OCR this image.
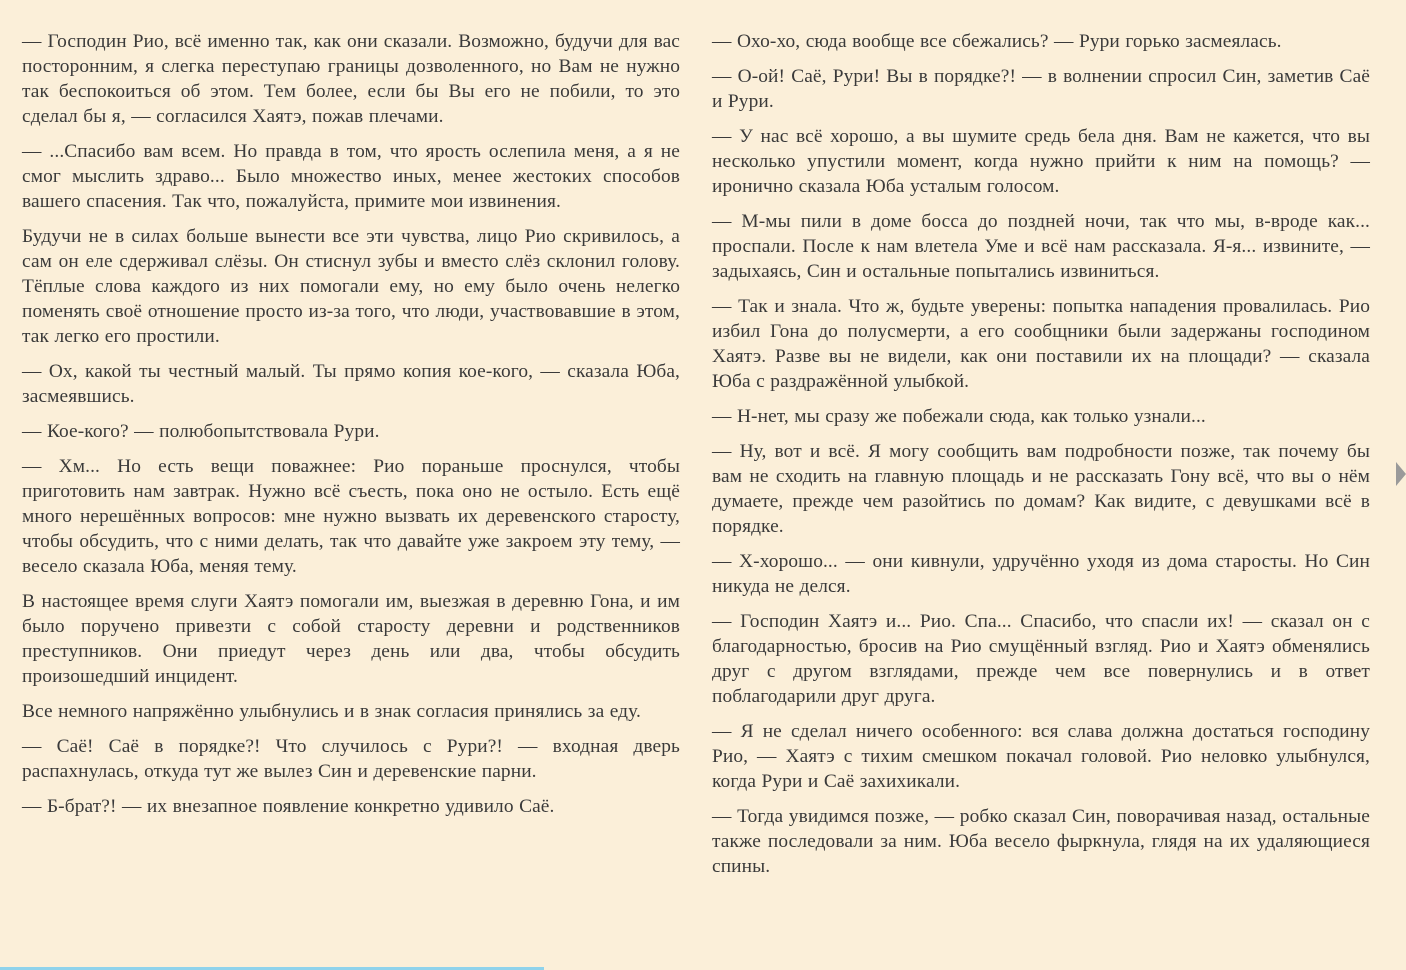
— Господин Рио, всё именно так, как они сказали. Возможно, будучи для вас посторонним, я слегка переступаю границы дозволенного, но Вам не нужно так беспокоиться об этом. Тем более, если бы Вы его не побили, то это сделал бы я, — согласился Хаятэ, пожав плечами.

— ...Спасибо вам всем. Но правда в том, что ярость ослепила меня, а я не смог мыслить здраво... Было множество иных, менее жестоких способов вашего спасения. Так что, пожалуйста, примите мои извинения.

Будучи не в силах больше вынести все эти чувства, лицо Рио скривилось, а сам он еле сдерживал слёзы. Он стиснул зубы и вместо слёз склонил голову. Тёплые слова каждого из них помогали ему, но ему было очень нелегко поменять своё отношение просто из-за того, что люди, участвовавшие в этом, так легко его простили.

— Ох, какой ты честный малый. Ты прямо копия кое-кого, — сказала Юба, засмеявшись.

— Кое-кого? — полюбопытствовала Рури.

— Хм... Но есть вещи поважнее: Рио пораньше проснулся, чтобы приготовить нам завтрак. Нужно всё съесть, пока оно не остыло. Есть ещё много нерешённых вопросов: мне нужно вызвать их деревенского старосту, чтобы обсудить, что с ними делать, так что давайте уже закроем эту тему, — весело сказала Юба, меняя тему.

В настоящее время слуги Хаятэ помогали им, выезжая в деревню Гона, и им было поручено привезти с собой старосту деревни и родственников преступников. Они приедут через день или два, чтобы обсудить произошедший инцидент.

Все немного напряжённо улыбнулись и в знак согласия принялись за еду.

— Саё! Саё в порядке?! Что случилось с Рури?! — входная дверь распахнулась, откуда тут же вылез Син и деревенские парни.

— Б-брат?! — их внезапное появление конкретно удивило Саё.

— Охо-хо, сюда вообще все сбежались? — Рури горько засмеялась.

— О-ой! Саё, Рури! Вы в порядке?! — в волнении спросил Син, заметив Саё и Рури.

— У нас всё хорошо, а вы шумите средь бела дня. Вам не кажется, что вы несколько упустили момент, когда нужно прийти к ним на помощь? — иронично сказала Юба усталым голосом.

— М-мы пили в доме босса до поздней ночи, так что мы, в-вроде как... проспали. После к нам влетела Уме и всё нам рассказала. Я-я... извините, — задыхаясь, Син и остальные попытались извиниться.

— Так и знала. Что ж, будьте уверены: попытка нападения провалилась. Рио избил Гона до полусмерти, а его сообщники были задержаны господином Хаятэ. Разве вы не видели, как они поставили их на площади? — сказала Юба с раздражённой улыбкой.

— Н-нет, мы сразу же побежали сюда, как только узнали...

— Ну, вот и всё. Я могу сообщить вам подробности позже, так почему бы вам не сходить на главную площадь и не рассказать Гону всё, что вы о нём думаете, прежде чем разойтись по домам? Как видите, с девушками всё в порядке.

— Х-хорошо... — они кивнули, удручённо уходя из дома старосты. Но Син никуда не делся.

— Господин Хаятэ и... Рио. Спа... Спасибо, что спасли их! — сказал он с благодарностью, бросив на Рио смущённый взгляд. Рио и Хаятэ обменялись друг с другом взглядами, прежде чем все повернулись и в ответ поблагодарили друг друга.

— Я не сделал ничего особенного: вся слава должна достаться господину Рио, — Хаятэ с тихим смешком покачал головой. Рио неловко улыбнулся, когда Рури и Саё захихикали.

— Тогда увидимся позже, — робко сказал Син, поворачивая назад, остальные также последовали за ним. Юба весело фыркнула, глядя на их удаляющиеся спины.
